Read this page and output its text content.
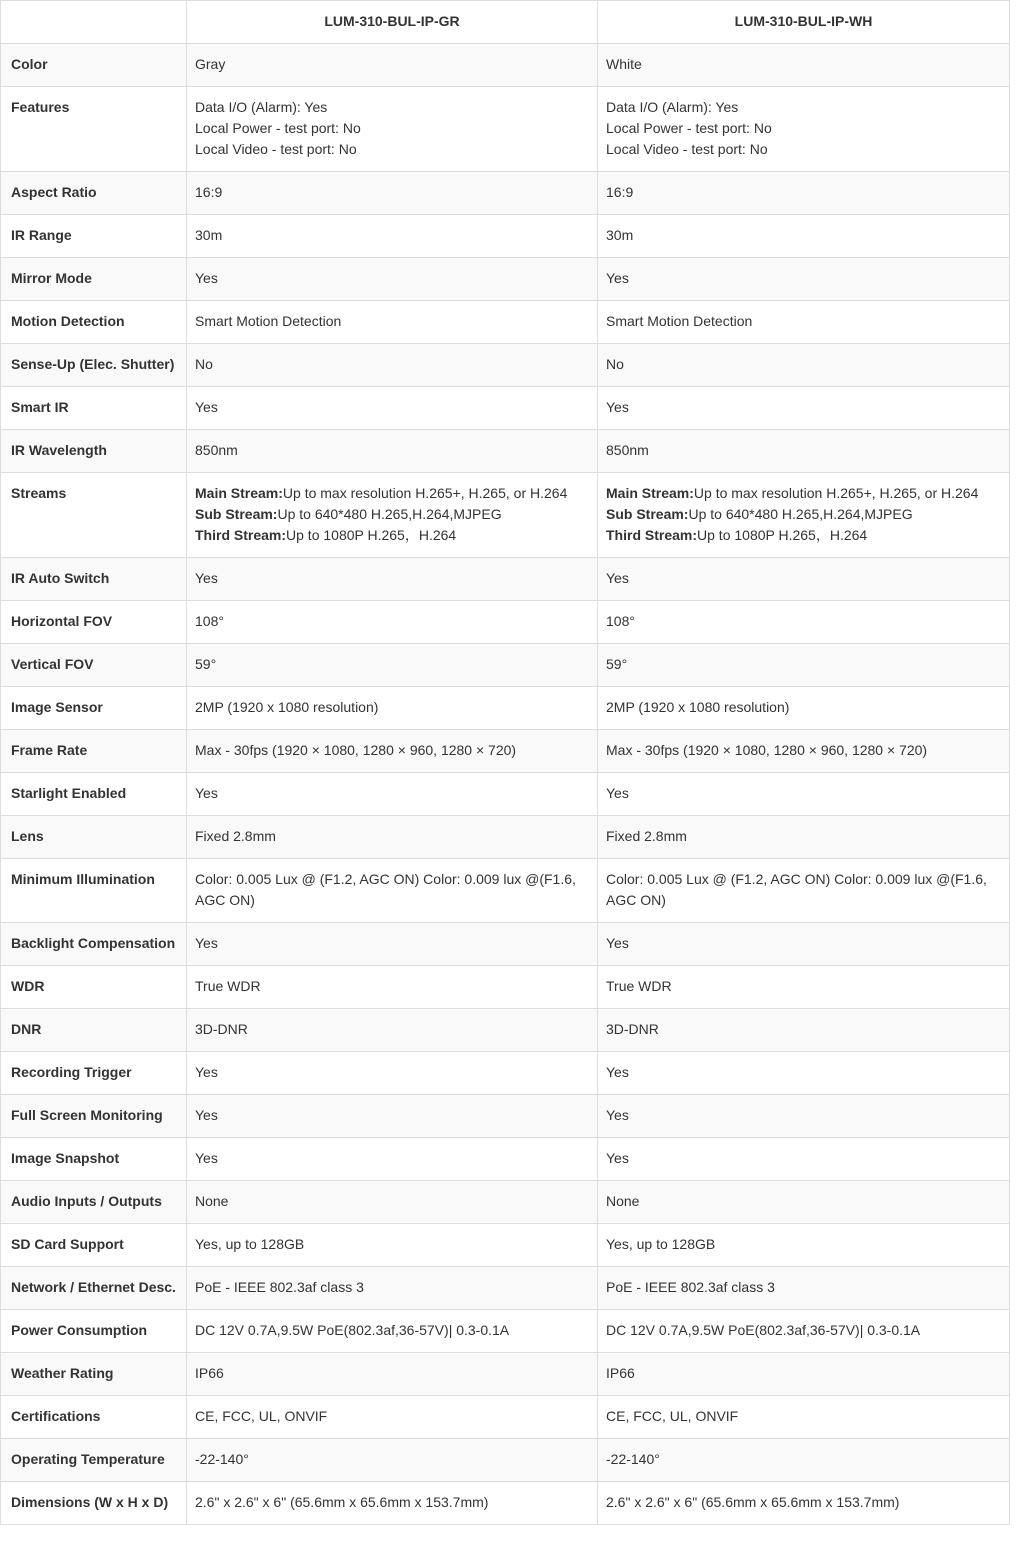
	LUM-310-BUL-IP-GR	LUM-310-BUL-IP-WH
Color	Gray	White

Features	Data I/O (Alarm): Yes
Local Power - test port: No
Local Video - test port: No	Data I/O (Alarm): Yes
Local Power - test port: No
Local Video - test port: No

Aspect Ratio	16:9	16:9

IR Range	30m	30m

Mirror Mode	Yes	Yes

Motion Detection	Smart Motion Detection	Smart Motion Detection

Sense-Up (Elec. Shutter)	No	No

Smart IR	Yes	Yes

IR Wavelength	850nm	850nm

Streams	Main Stream:Up to max resolution H.265+, H.265, or H.264
Sub Stream:Up to 640*480 H.265,H.264,MJPEG
Third Stream:Up to 1080P H.265，H.264	Main Stream:Up to max resolution H.265+, H.265, or H.264
Sub Stream:Up to 640*480 H.265,H.264,MJPEG
Third Stream:Up to 1080P H.265，H.264

IR Auto Switch	Yes	Yes

Horizontal FOV	108°	108°

Vertical FOV	59°	59°

Image Sensor	2MP (1920 x 1080 resolution)	2MP (1920 x 1080 resolution)

Frame Rate	Max - 30fps (1920 × 1080, 1280 × 960, 1280 × 720)	Max - 30fps (1920 × 1080, 1280 × 960, 1280 × 720)

Starlight Enabled	Yes	Yes

Lens	Fixed 2.8mm	Fixed 2.8mm

Minimum Illumination	Color: 0.005 Lux @ (F1.2, AGC ON) Color: 0.009 lux @(F1.6, AGC ON)	Color: 0.005 Lux @ (F1.2, AGC ON) Color: 0.009 lux @(F1.6, AGC ON)

Backlight Compensation	Yes	Yes

WDR	True WDR	True WDR

DNR	3D-DNR	3D-DNR

Recording Trigger	Yes	Yes

Full Screen Monitoring	Yes	Yes

Image Snapshot	Yes	Yes

Audio Inputs / Outputs	None	None

SD Card Support	Yes, up to 128GB	Yes, up to 128GB

Network / Ethernet Desc.	PoE - IEEE 802.3af class 3	PoE - IEEE 802.3af class 3

Power Consumption	DC 12V 0.7A,9.5W PoE(802.3af,36-57V)| 0.3-0.1A	DC 12V 0.7A,9.5W PoE(802.3af,36-57V)| 0.3-0.1A

Weather Rating	IP66	IP66

Certifications	CE, FCC, UL, ONVIF	CE, FCC, UL, ONVIF

Operating Temperature	-22-140°	-22-140°

Dimensions (W x H x D)	2.6" x 2.6" x 6" (65.6mm x 65.6mm x 153.7mm)	2.6" x 2.6" x 6" (65.6mm x 65.6mm x 153.7mm)
